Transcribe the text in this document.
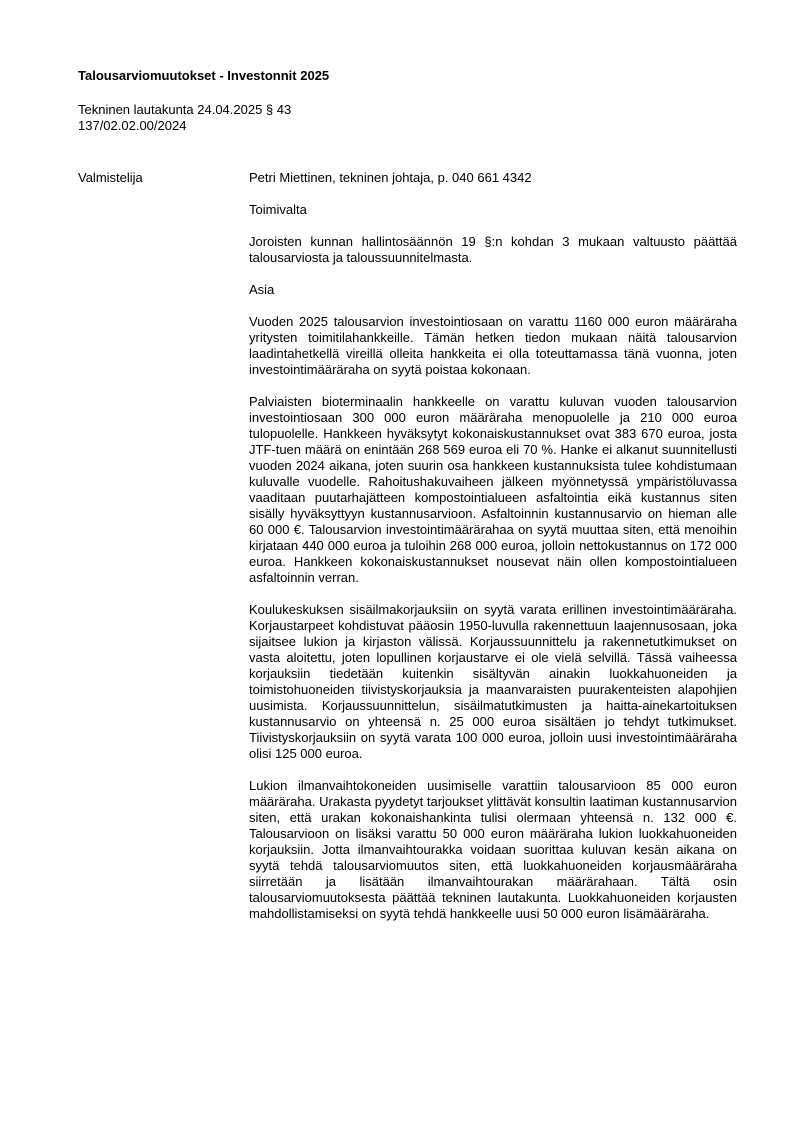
Talousarviomuutokset - Investonnit 2025
Tekninen lautakunta 24.04.2025 § 43
137/02.02.00/2024
Valmistelija	Petri Miettinen, tekninen johtaja, p. 040 661 4342

Toimivalta

Joroisten kunnan hallintosäännön 19 §:n kohdan 3 mukaan valtuusto päättää talousarviosta ja taloussuunnitelmasta.

Asia

Vuoden 2025 talousarvion investointiosaan on varattu 1160 000 euron määräraha yritysten toimitilahankkeille. Tämän hetken tiedon mukaan näitä talousarvion laadintahetkellä vireillä olleita hankkeita ei olla toteuttamassa tänä vuonna, joten investointimääräraha on syytä poistaa kokonaan.

Palviaisten bioterminaalin hankkeelle on varattu kuluvan vuoden talousarvion investointiosaan 300 000 euron määräraha menopuolelle ja 210 000 euroa tulopuolelle. Hankkeen hyväksytyt kokonaiskustannukset ovat 383 670 euroa, josta JTF-tuen määrä on enintään 268 569 euroa eli 70 %. Hanke ei alkanut suunnitellusti vuoden 2024 aikana, joten suurin osa hankkeen kustannuksista tulee kohdistumaan kuluvalle vuodelle. Rahoitushakuvaiheen jälkeen myönnetyssä ympäristöluvassa vaaditaan puutarhajätteen kompostointialueen asfaltointia eikä kustannus siten sisälly hyväksyttyyn kustannusarvioon. Asfaltoinnin kustannusarvio on hieman alle 60 000 €. Talousarvion investointimäärärahaa on syytä muuttaa siten, että menoihin kirjataan 440 000 euroa ja tuloihin 268 000 euroa, jolloin nettokustannus on 172 000 euroa. Hankkeen kokonaiskustannukset nousevat näin ollen kompostointialueen asfaltoinnin verran.

Koulukeskuksen sisäilmakorjauksiin on syytä varata erillinen investointimääräraha. Korjaustarpeet kohdistuvat pääosin 1950-luvulla rakennettuun laajennusosaan, joka sijaitsee lukion ja kirjaston välissä. Korjaussuunnittelu ja rakennetutkimukset on vasta aloitettu, joten lopullinen korjaustarve ei ole vielä selvillä. Tässä vaiheessa korjauksiin tiedetään kuitenkin sisältyvän ainakin luokkahuoneiden ja toimistohuoneiden tiivistyskorjauksia ja maanvaraisten puurakenteisten alapohjien uusimista. Korjaussuunnittelun, sisäilmatutkimusten ja haitta-ainekartoituksen kustannusarvio on yhteensä n. 25 000 euroa sisältäen jo tehdyt tutkimukset. Tiivistyskorjauksiin on syytä varata 100 000 euroa, jolloin uusi investointimääräraha olisi 125 000 euroa.

Lukion ilmanvaihtokoneiden uusimiselle varattiin talousarvioon 85 000 euron määräraha. Urakasta pyydetyt tarjoukset ylittävät konsultin laatiman kustannusarvion siten, että urakan kokonaishankinta tulisi olermaan yhteensä n. 132 000 €. Talousarvioon on lisäksi varattu 50 000 euron määräraha lukion luokkahuoneiden korjauksiin. Jotta ilmanvaihtourakka voidaan suorittaa kuluvan kesän aikana on syytä tehdä talousarviomuutos siten, että luokkahuoneiden korjausmääräraha siirretään ja lisätään ilmanvaihtourakan määrärahaan. Tältä osin talousarviomuutoksesta päättää tekninen lautakunta. Luokkahuoneiden korjausten mahdollistamiseksi on syytä tehdä hankkeelle uusi 50 000 euron lisämääräraha.
